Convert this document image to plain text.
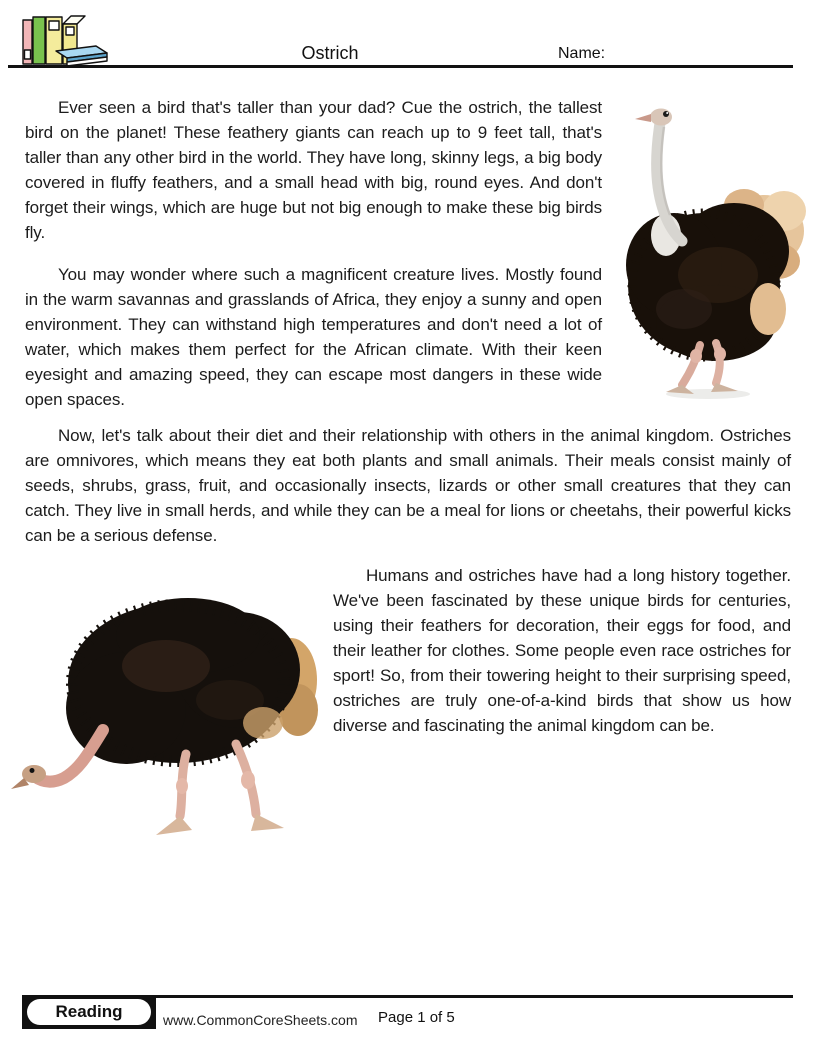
Ostrich	Name:

Ever seen a bird that's taller than your dad? Cue the ostrich, the tallest bird on the planet! These feathery giants can reach up to 9 feet tall, that's taller than any other bird in the world. They have long, skinny legs, a big body covered in fluffy feathers, and a small head with big, round eyes. And don't forget their wings, which are huge but not big enough to make these big birds fly.

You may wonder where such a magnificent creature lives. Mostly found in the warm savannas and grasslands of Africa, they enjoy a sunny and open environment. They can withstand high temperatures and don't need a lot of water, which makes them perfect for the African climate. With their keen eyesight and amazing speed, they can escape most dangers in these wide open spaces.

Now, let's talk about their diet and their relationship with others in the animal kingdom. Ostriches are omnivores, which means they eat both plants and small animals. Their meals consist mainly of seeds, shrubs, grass, fruit, and occasionally insects, lizards or other small creatures that they can catch. They live in small herds, and while they can be a meal for lions or cheetahs, their powerful kicks can be a serious defense.

Humans and ostriches have had a long history together. We've been fascinated by these unique birds for centuries, using their feathers for decoration, their eggs for food, and their leather for clothes. Some people even race ostriches for sport! So, from their towering height to their surprising speed, ostriches are truly one-of-a-kind birds that show us how diverse and fascinating the animal kingdom can be.

Reading	www.CommonCoreSheets.com Page 1 of 5
